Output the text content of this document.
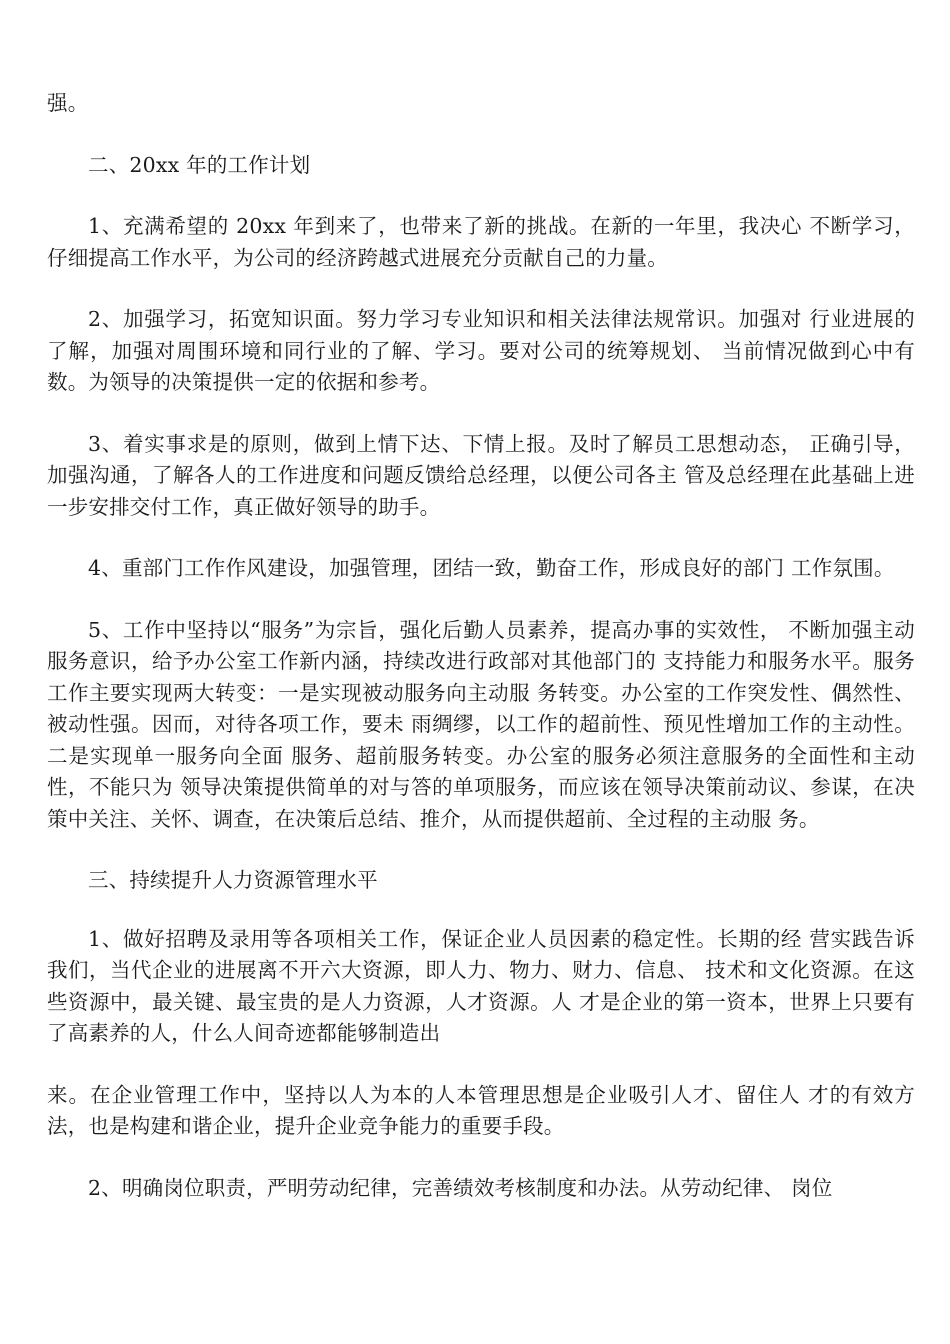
强。

二、20xx 年的工作计划

1、充满希望的 20xx 年到来了，也带来了新的挑战。在新的一年里，我决心 不断学习，仔细提高工作水平，为公司的经济跨越式进展充分贡献自己的力量。

2、加强学习，拓宽知识面。努力学习专业知识和相关法律法规常识。加强对 行业进展的了解，加强对周围环境和同行业的了解、学习。要对公司的统筹规划、 当前情况做到心中有数。为领导的决策提供一定的依据和参考。

3、着实事求是的原则，做到上情下达、下情上报。及时了解员工思想动态， 正确引导，加强沟通，了解各人的工作进度和问题反馈给总经理，以便公司各主 管及总经理在此基础上进一步安排交付工作，真正做好领导的助手。

4、重部门工作作风建设，加强管理，团结一致，勤奋工作，形成良好的部门 工作氛围。

5、工作中坚持以“服务”为宗旨，强化后勤人员素养，提高办事的实效性， 不断加强主动服务意识，给予办公室工作新内涵，持续改进行政部对其他部门的 支持能力和服务水平。服务工作主要实现两大转变：一是实现被动服务向主动服 务转变。办公室的工作突发性、偶然性、被动性强。因而，对待各项工作，要未 雨绸缪，以工作的超前性、预见性增加工作的主动性。二是实现单一服务向全面 服务、超前服务转变。办公室的服务必须注意服务的全面性和主动性，不能只为 领导决策提供简单的对与答的单项服务，而应该在领导决策前动议、参谋，在决 策中关注、关怀、调查，在决策后总结、推介，从而提供超前、全过程的主动服 务。

三、持续提升人力资源管理水平

1、做好招聘及录用等各项相关工作，保证企业人员因素的稳定性。长期的经 营实践告诉我们，当代企业的进展离不开六大资源，即人力、物力、财力、信息、 技术和文化资源。在这些资源中，最关键、最宝贵的是人力资源，人才资源。人 才是企业的第一资本，世界上只要有了高素养的人，什么人间奇迹都能够制造出

来。在企业管理工作中，坚持以人为本的人本管理思想是企业吸引人才、留住人 才的有效方法，也是构建和谐企业，提升企业竞争能力的重要手段。

2、明确岗位职责，严明劳动纪律，完善绩效考核制度和办法。从劳动纪律、 岗位
